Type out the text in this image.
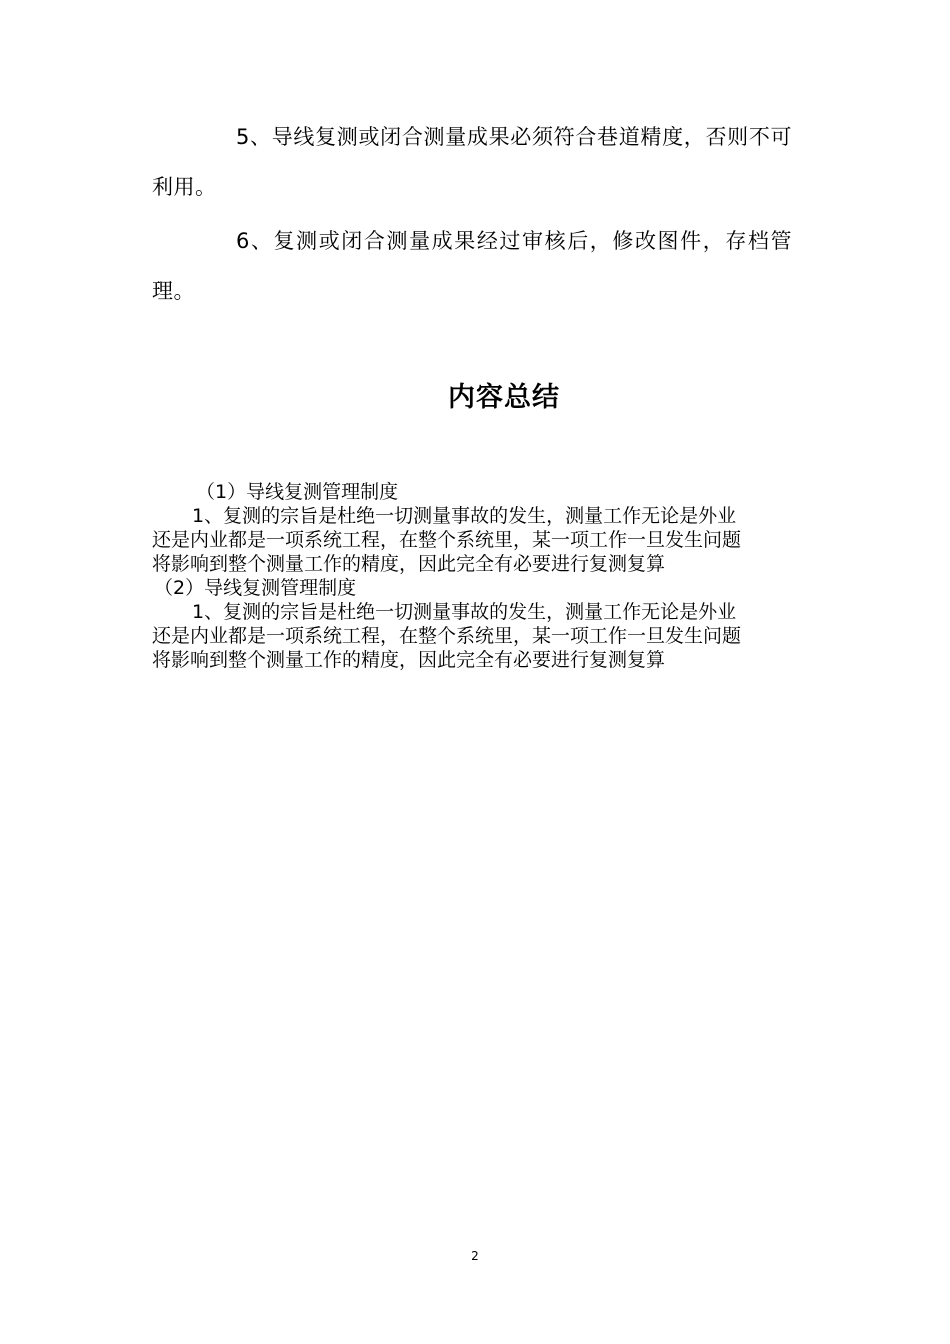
5、导线复测或闭合测量成果必须符合巷道精度，否则不可利用。

6、复测或闭合测量成果经过审核后，修改图件，存档管理。

内容总结
（1）导线复测管理制度
1、复测的宗旨是杜绝一切测量事故的发生，测量工作无论是外业
还是内业都是一项系统工程，在整个系统里，某一项工作一旦发生问题
将影响到整个测量工作的精度，因此完全有必要进行复测复算
（2）导线复测管理制度
1、复测的宗旨是杜绝一切测量事故的发生，测量工作无论是外业
还是内业都是一项系统工程，在整个系统里，某一项工作一旦发生问题
将影响到整个测量工作的精度，因此完全有必要进行复测复算
2
